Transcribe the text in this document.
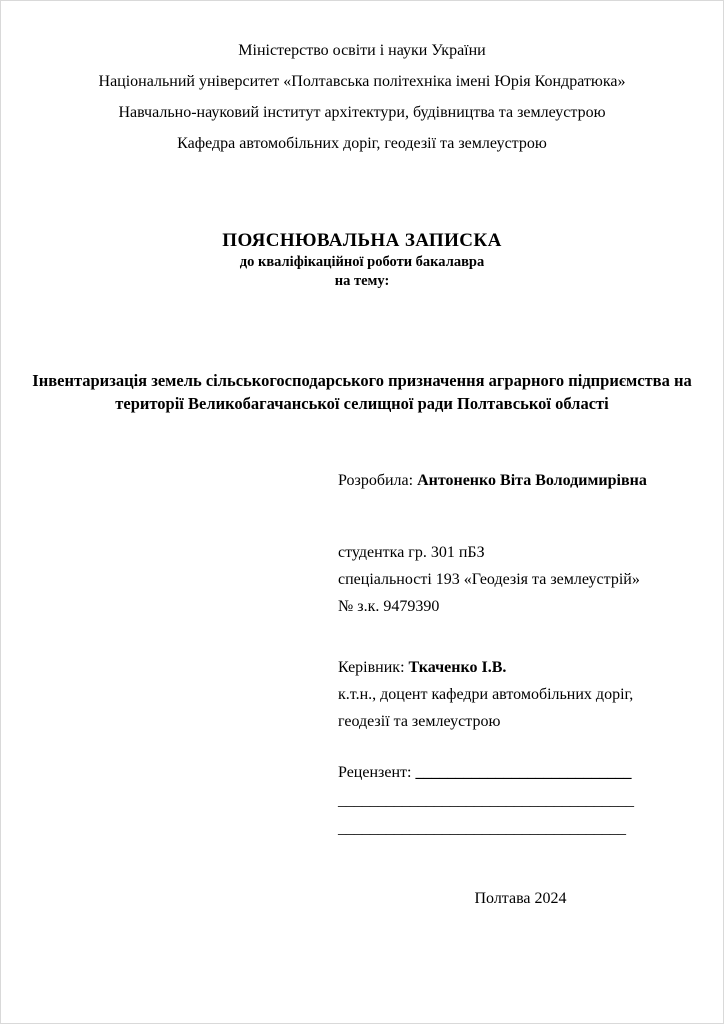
Міністерство освіти і науки України
Національний університет «Полтавська політехніка імені Юрія Кондратюка»
Навчально-науковий інститут архітектури, будівництва та землеустрою
Кафедра автомобільних доріг, геодезії та землеустрою
ПОЯСНЮВАЛЬНА ЗАПИСКА
до кваліфікаційної роботи бакалавра
на тему:
Інвентаризація земель сільськогосподарського призначення аграрного підприємства на території Великобагачанської селищної ради Полтавської області
Розробила: Антоненко Віта Володимирівна
студентка гр. 301 пБЗ
спеціальності 193 «Геодезія та землеустрій»
№ з.к. 9479390
Керівник: Ткаченко І.В.
к.т.н., доцент кафедри автомобільних доріг,
геодезії та землеустрою
Рецензент: ___________________________
_____________________________________
____________________________________
Полтава 2024
